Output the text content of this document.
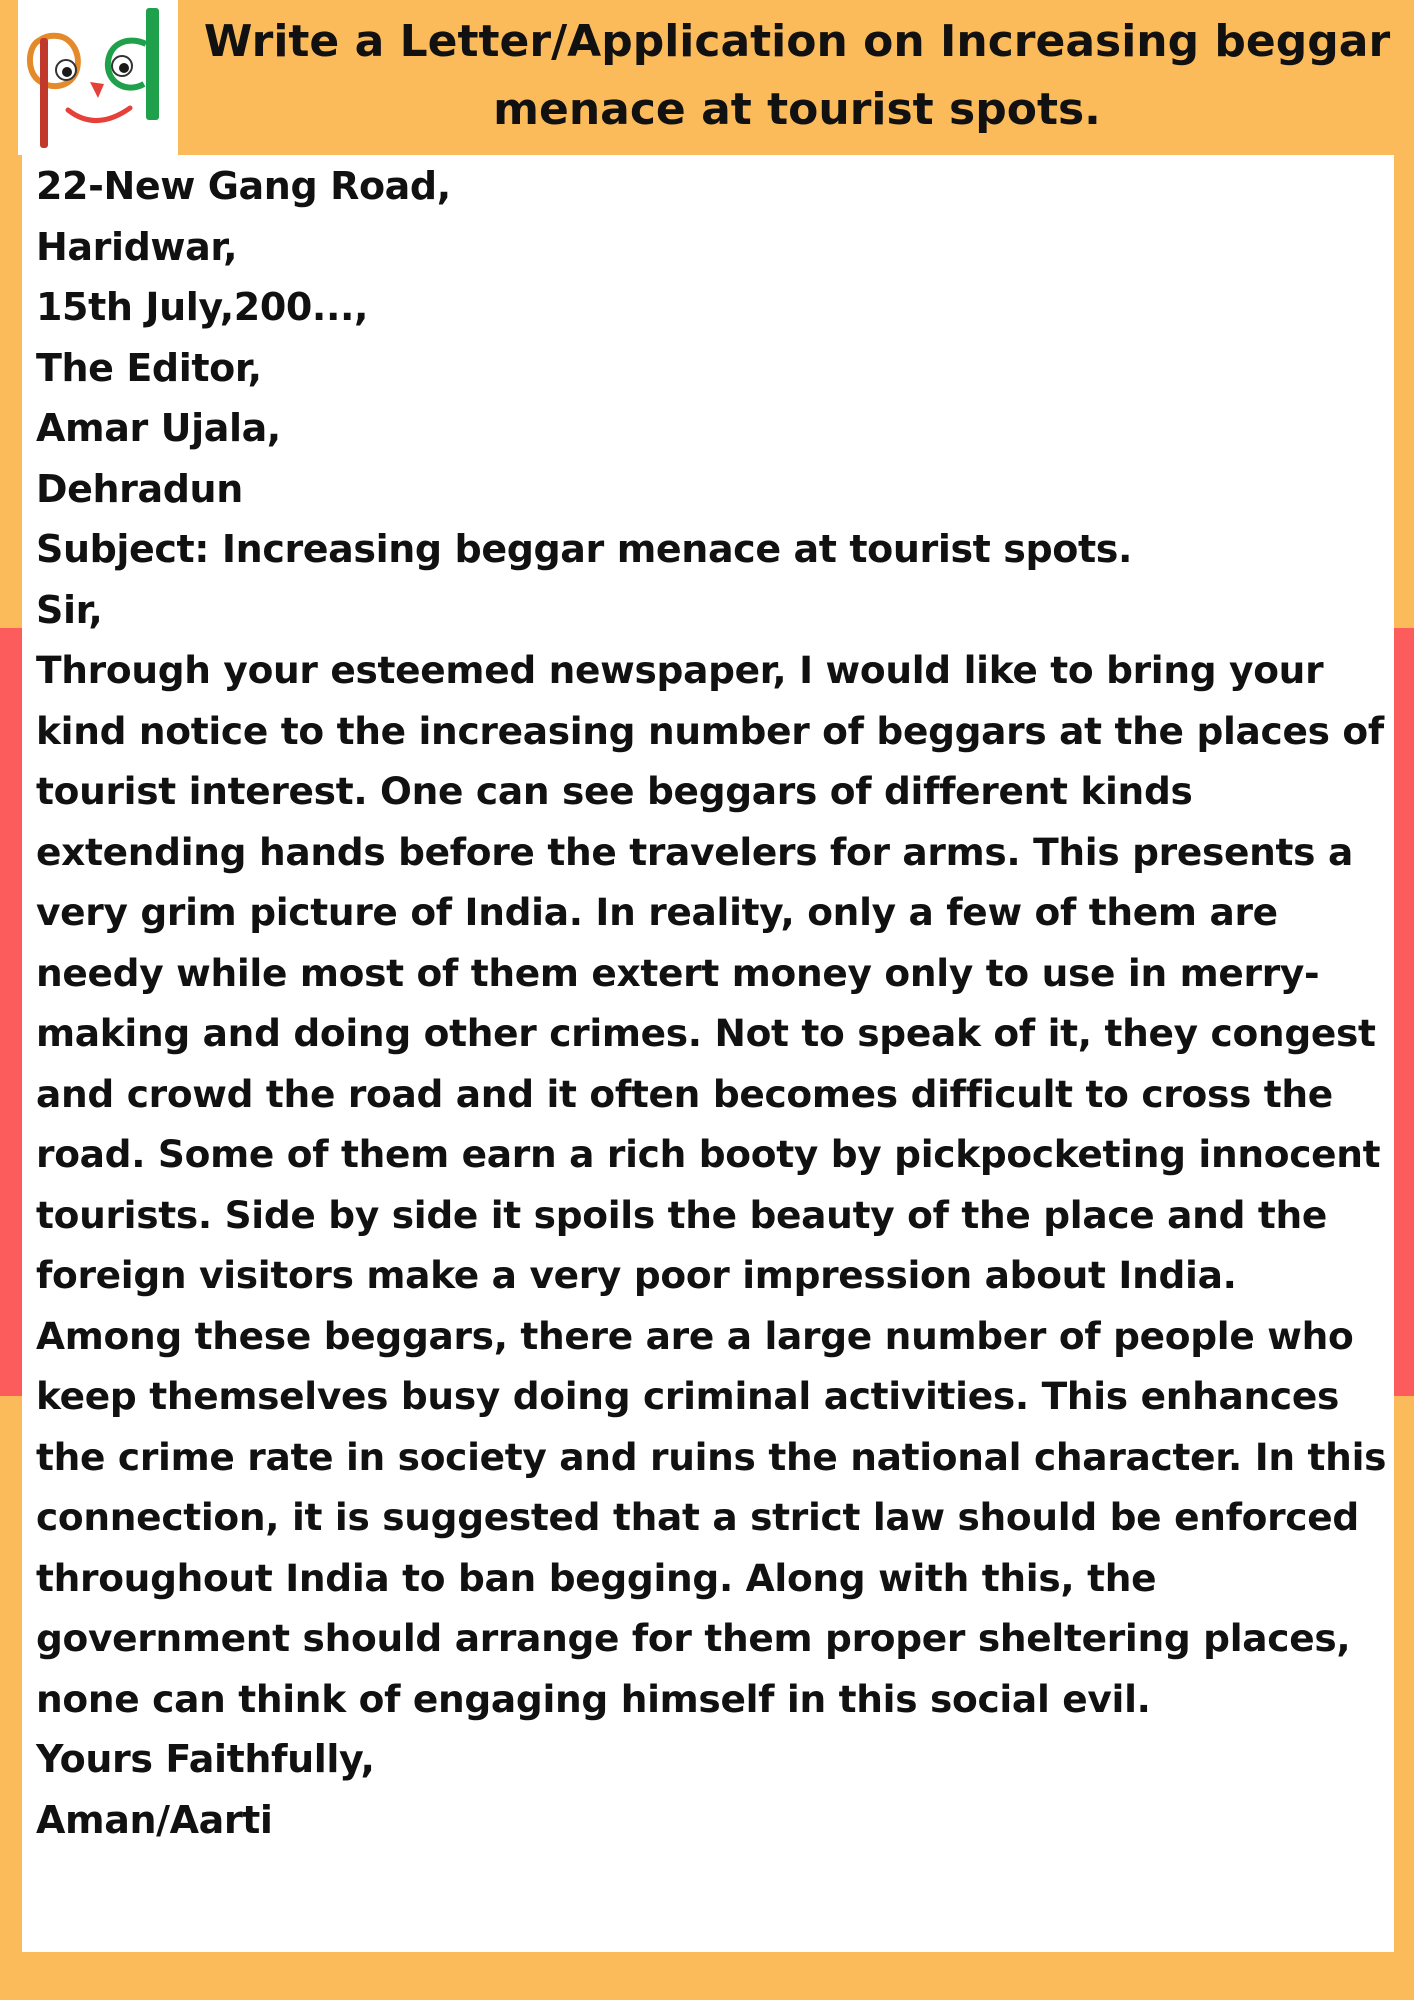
Write a Letter/Application on Increasing beggar menace at tourist spots.
22-New Gang Road,
Haridwar,
15th July,200...,
The Editor,
Amar Ujala,
Dehradun
Subject: Increasing beggar menace at tourist spots.
Sir,
Through your esteemed newspaper, I would like to bring your kind notice to the increasing number of beggars at the places of tourist interest. One can see beggars of different kinds extending hands before the travelers for arms. This presents a very grim picture of India. In reality, only a few of them are needy while most of them extert money only to use in merry-making and doing other crimes. Not to speak of it, they congest and crowd the road and it often becomes difficult to cross the road. Some of them earn a rich booty by pickpocketing innocent tourists. Side by side it spoils the beauty of the place and the foreign visitors make a very poor impression about India. Among these beggars, there are a large number of people who keep themselves busy doing criminal activities. This enhances the crime rate in society and ruins the national character. In this connection, it is suggested that a strict law should be enforced throughout India to ban begging. Along with this, the government should arrange for them proper sheltering places, none can think of engaging himself in this social evil.
Yours Faithfully,
Aman/Aarti
